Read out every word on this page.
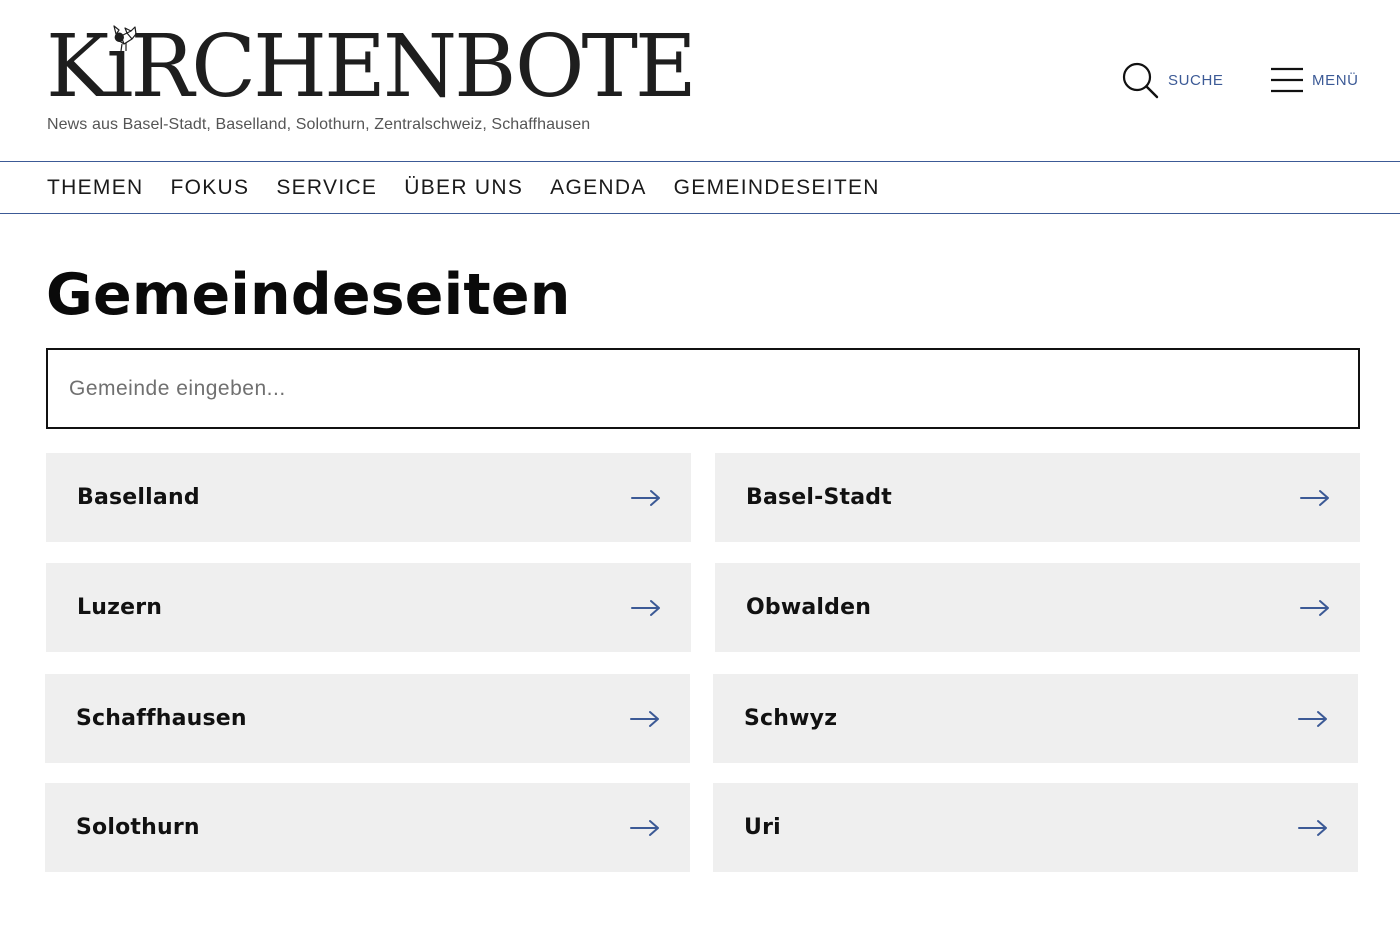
KiRCHENBOTE
News aus Basel-Stadt, Baselland, Solothurn, Zentralschweiz, Schaffhausen
SUCHE	MENÜ
THEMEN FOKUS SERVICE ÜBER UNS AGENDA GEMEINDESEITEN
Gemeindeseiten
Gemeinde eingeben...
Baselland	Basel-Stadt
Luzern	Obwalden
Schaffhausen	Schwyz
Solothurn	Uri
